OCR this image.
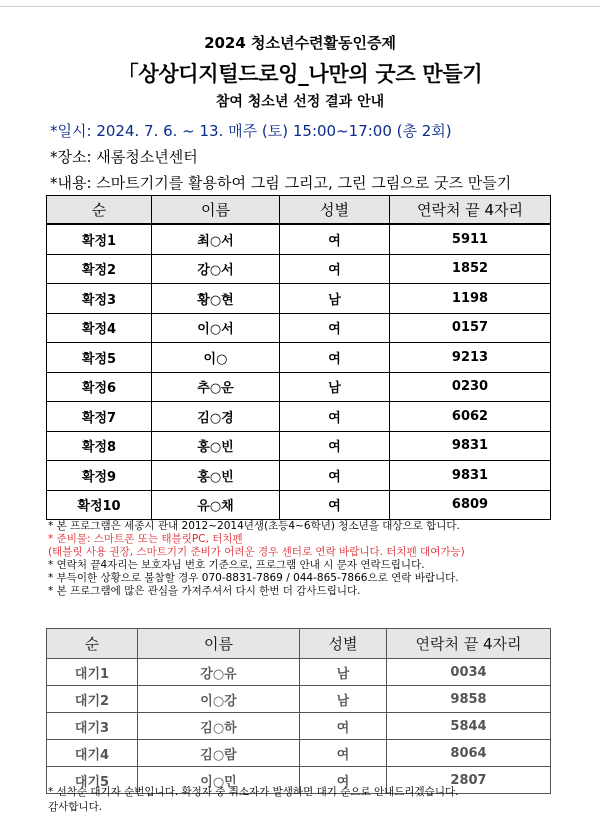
2024 청소년수련활동인증제
「상상디지털드로잉_나만의 굿즈 만들기
참여 청소년 선정 결과 안내
*일시: 2024. 7. 6. ~ 13. 매주 (토) 15:00~17:00 (총 2회)
*장소: 새롬청소년센터
*내용: 스마트기기를 활용하여 그림 그리고, 그린 그림으로 굿즈 만들기
순	이름	성별	연락처 끝 4자리
확정1	최○서	여	5911
확정2	강○서	여	1852
확정3	황○현	남	1198
확정4	이○서	여	0157
확정5	이○	여	9213
확정6	추○운	남	0230
확정7	김○경	여	6062
확정8	홍○빈	여	9831
확정9	홍○빈	여	9831
확정10	유○채	여	6809
* 본 프로그램은 세종시 관내 2012~2014년생(초등4~6학년) 청소년을 대상으로 합니다.
* 준비물: 스마트폰 또는 태블릿PC, 터치펜
(태블릿 사용 권장, 스마트기기 준비가 어려운 경우 센터로 연락 바랍니다. 터치펜 대여가능)
* 연락처 끝4자리는 보호자님 번호 기준으로, 프로그램 안내 시 문자 연락드립니다.
* 부득이한 상황으로 불참할 경우 070-8831-7869 / 044-865-7866으로 연락 바랍니다.
* 본 프로그램에 많은 관심을 가져주셔서 다시 한번 더 감사드립니다.
순	이름	성별	연락처 끝 4자리
대기1	강○유	남	0034
대기2	이○강	남	9858
대기3	김○하	여	5844
대기4	김○람	여	8064
대기5	이○민	여	2807
* 선착순 대기자 순번입니다. 확정자 중 취소자가 발생하면 대기 순으로 안내드리겠습니다.
감사합니다.
